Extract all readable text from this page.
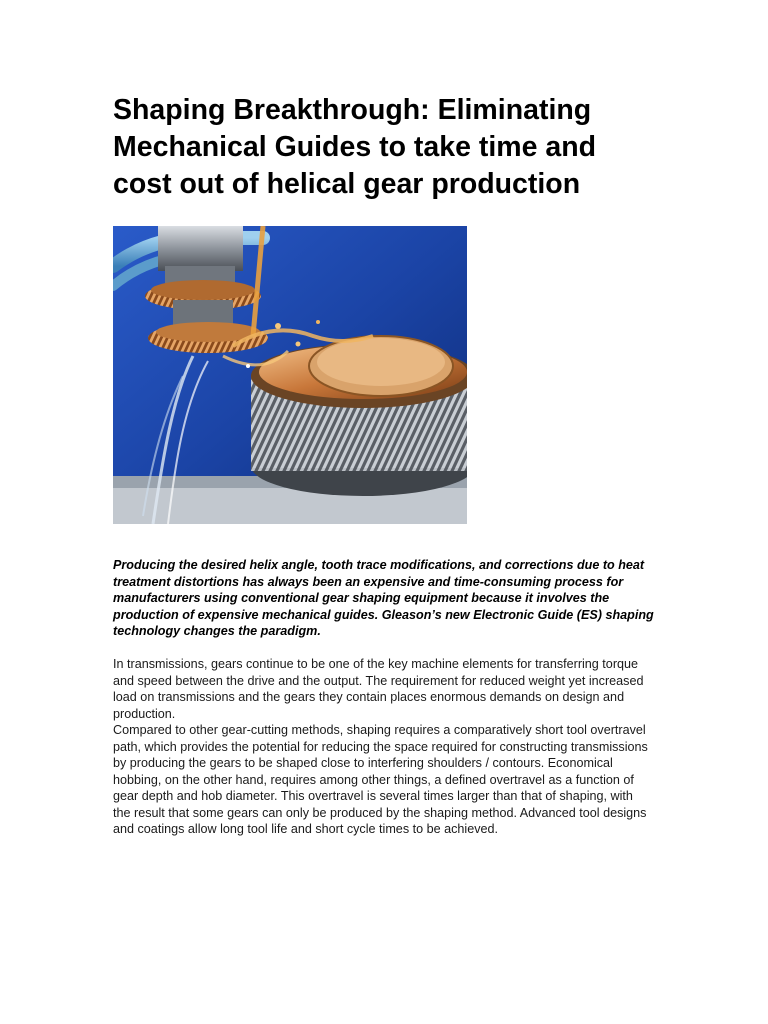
Shaping Breakthrough: Eliminating Mechanical Guides to take time and cost out of helical gear production

Producing the desired helix angle, tooth trace modifications, and corrections due to heat treatment distortions has always been an expensive and time-consuming process for manufacturers using conventional gear shaping equipment because it involves the production of expensive mechanical guides. Gleason’s new Electronic Guide (ES) shaping technology changes the paradigm.

In transmissions, gears continue to be one of the key machine elements for transferring torque and speed between the drive and the output. The requirement for reduced weight yet increased load on transmissions and the gears they contain places enormous demands on design and production.

Compared to other gear-cutting methods, shaping requires a comparatively short tool overtravel path, which provides the potential for reducing the space required for constructing transmissions by producing the gears to be shaped close to interfering shoulders / contours. Economical hobbing, on the other hand, requires among other things, a defined overtravel as a function of gear depth and hob diameter. This overtravel is several times larger than that of shaping, with the result that some gears can only be produced by the shaping method. Advanced tool designs and coatings allow long tool life and short cycle times to be achieved.
